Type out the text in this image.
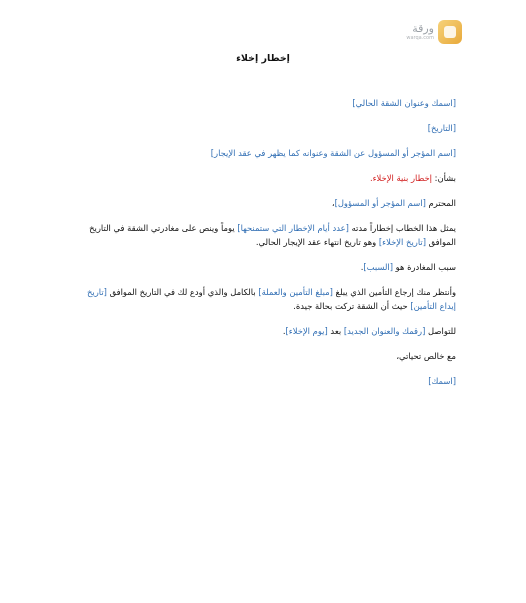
ورقة
warqa.com
إخطار إخلاء

[اسمك وعنوان الشقة الحالي]

[التاريخ]

[اسم المؤجر أو المسؤول عن الشقة وعنوانه كما يظهر في عقد الإيجار]

بشأن: إخطار بنية الإخلاء.

المحترم [اسم المؤجر أو المسؤول]،

يمثل هذا الخطاب إخطاراً مدته [عدد أيام الإخطار التي ستمنحها] يوماً وينص على مغادرتي الشقة في التاريخ الموافق [تاريخ الإخلاء] وهو تاريخ انتهاء عقد الإيجار الحالي.

سبب المغادرة هو [السبب].

وأنتظر منك إرجاع التأمين الذي يبلغ [مبلغ التأمين والعملة] بالكامل والذي أودع لك في التاريخ الموافق [تاريخ إيداع التأمين] حيث أن الشقة تركت بحالة جيدة.

للتواصل [رقمك والعنوان الجديد] بعد [يوم الإخلاء].

مع خالص تحياتي،

[اسمك]
